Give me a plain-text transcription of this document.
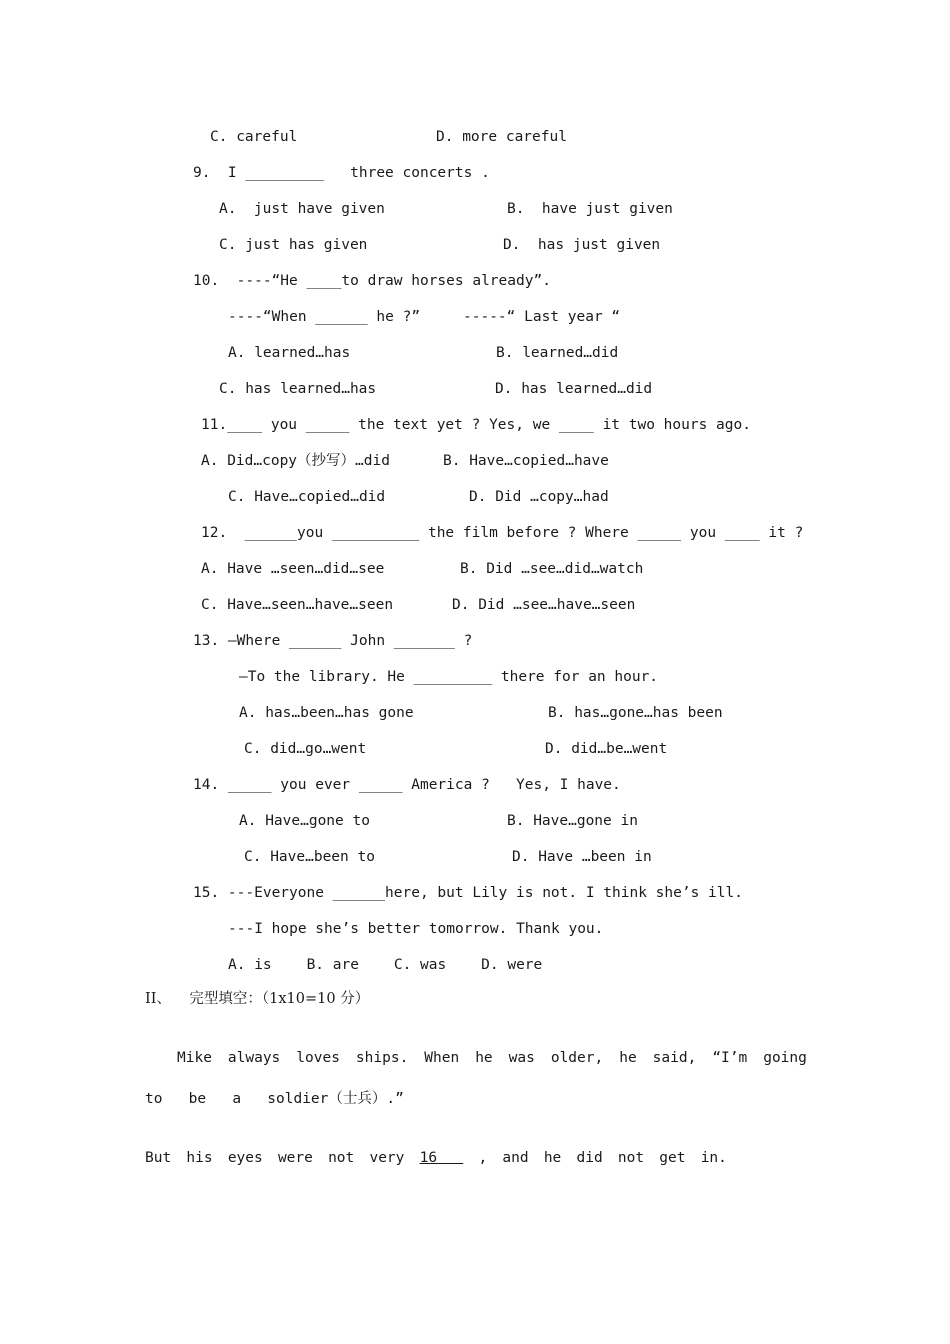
C. careful	D. more careful
9.  I _________   three concerts .
A.  just have given	B.  have just given
C. just has given	D.  has just given
10.  ----“He ____to draw horses already”.
----“When ______ he ?”	-----“ Last year “
A. learned…has	B. learned…did
C. has learned…has	D. has learned…did
11.____ you _____ the text yet ? Yes, we ____ it two hours ago.
A. Did…copy（抄写）…did	B. Have…copied…have
C. Have…copied…did	D. Did …copy…had
12.  ______you __________ the film before ? Where _____ you ____ it ?
A. Have …seen…did…see	B. Did …see…did…watch
C. Have…seen…have…seen	D. Did …see…have…seen
13. —Where ______ John _______ ?
—To the library. He _________ there for an hour.
A. has…been…has gone	B. has…gone…has been
C. did…go…went	D. did…be…went
14. _____ you ever _____ America ?   Yes, I have.
A. Have…gone to	B. Have…gone in
C. Have…been to	D. Have …been in
15. ---Everyone ______here, but Lily is not. I think she’s ill.
---I hope she’s better tomorrow. Thank you.
A. is    B. are    C. was    D. were
II、    完型填空：（1x10=10 分）
Mike always loves ships. When he was older, he said, “I’m going
to be a soldier（士兵）.”
But his eyes were not very 16	, and he did not get in.
